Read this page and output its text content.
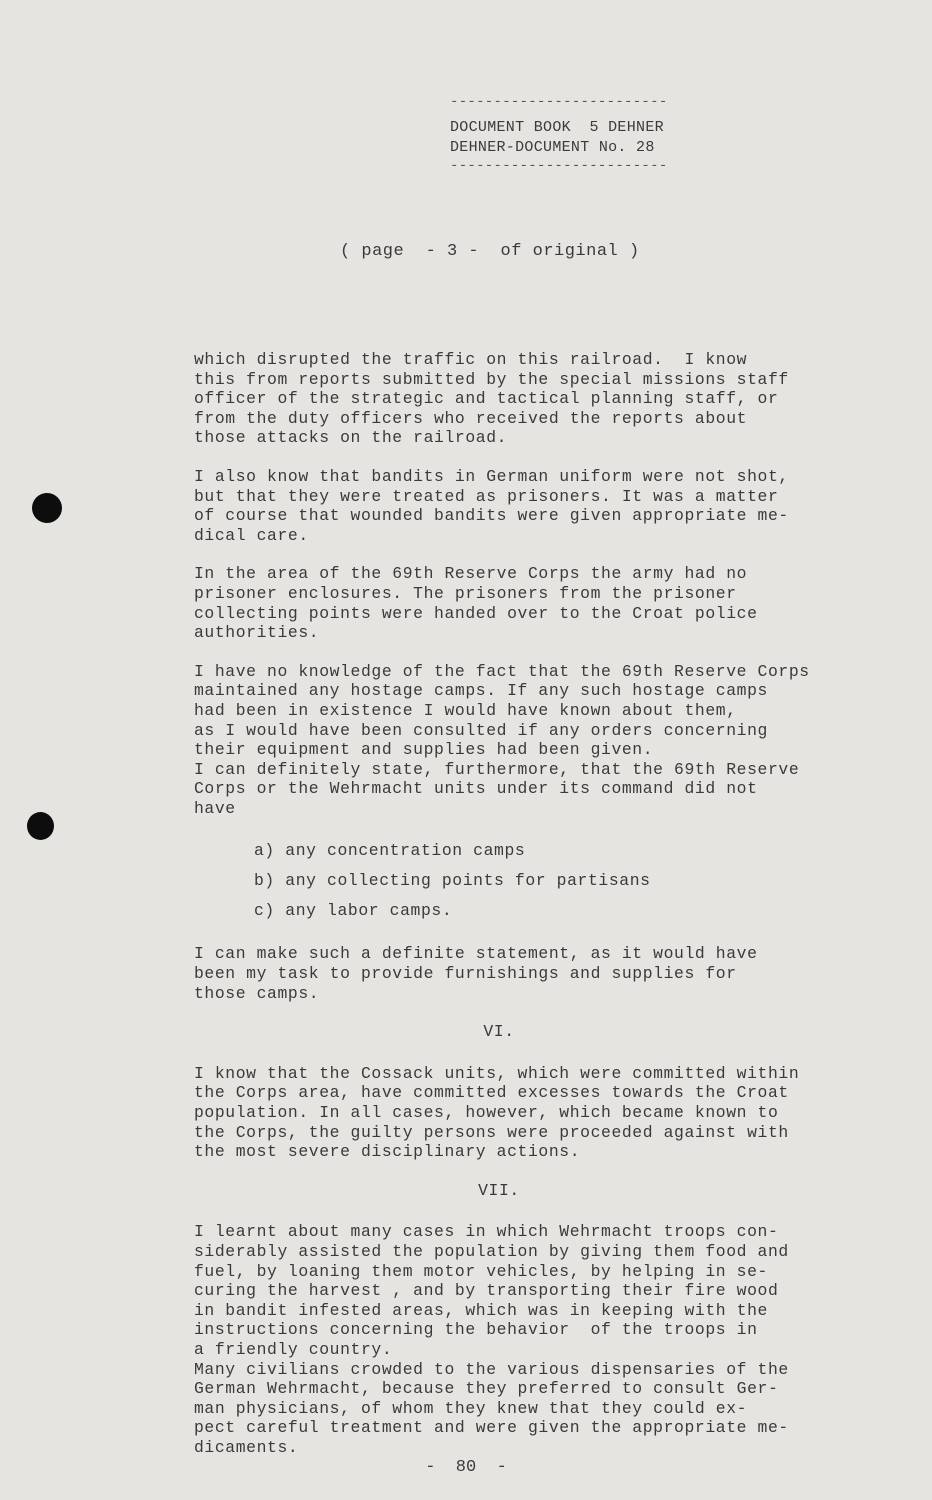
-------------------------
DOCUMENT BOOK  5 DEHNER
DEHNER-DOCUMENT No. 28
-------------------------
( page  - 3 -  of original )
which disrupted the traffic on this railroad.  I know
this from reports submitted by the special missions staff
officer of the strategic and tactical planning staff, or
from the duty officers who received the reports about
those attacks on the railroad.
I also know that bandits in German uniform were not shot,
but that they were treated as prisoners. It was a matter
of course that wounded bandits were given appropriate me-
dical care.
In the area of the 69th Reserve Corps the army had no
prisoner enclosures. The prisoners from the prisoner
collecting points were handed over to the Croat police
authorities.
I have no knowledge of the fact that the 69th Reserve Corps
maintained any hostage camps. If any such hostage camps
had been in existence I would have known about them,
as I would have been consulted if any orders concerning
their equipment and supplies had been given.
I can definitely state, furthermore, that the 69th Reserve
Corps or the Wehrmacht units under its command did not
have
a) any concentration camps
b) any collecting points for partisans
c) any labor camps.
I can make such a definite statement, as it would have
been my task to provide furnishings and supplies for
those camps.
VI.
I know that the Cossack units, which were committed within
the Corps area, have committed excesses towards the Croat
population. In all cases, however, which became known to
the Corps, the guilty persons were proceeded against with
the most severe disciplinary actions.
VII.
I learnt about many cases in which Wehrmacht troops con-
siderably assisted the population by giving them food and
fuel, by loaning them motor vehicles, by helping in se-
curing the harvest , and by transporting their fire wood
in bandit infested areas, which was in keeping with the
instructions concerning the behavior  of the troops in
a friendly country.
Many civilians crowded to the various dispensaries of the
German Wehrmacht, because they preferred to consult Ger-
man physicians, of whom they knew that they could ex-
pect careful treatment and were given the appropriate me-
dicaments.
-  80  -
